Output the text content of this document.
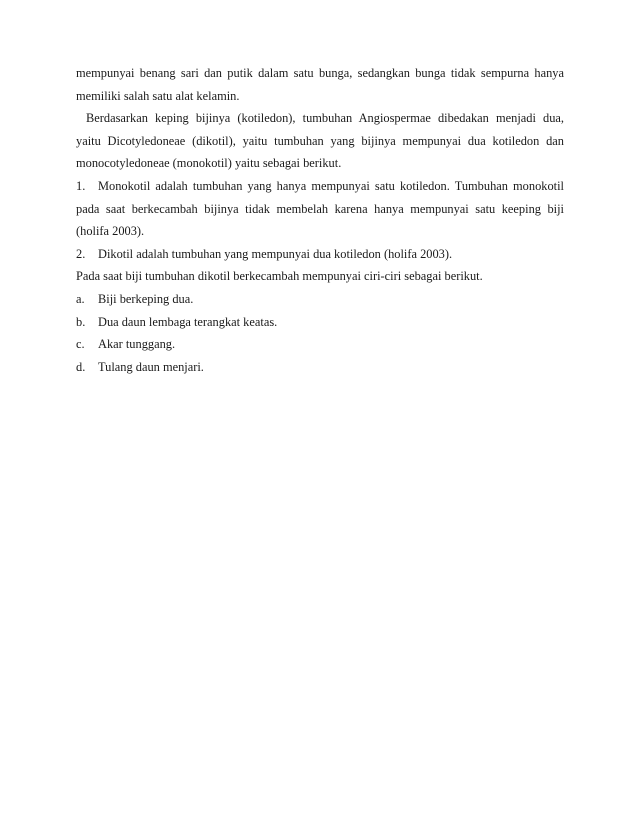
mempunyai benang sari dan putik dalam satu bunga, sedangkan bunga tidak sempurna hanya
memiliki salah satu alat kelamin.
Berdasarkan keping bijinya (kotiledon), tumbuhan Angiospermae dibedakan menjadi dua,
yaitu Dicotyledoneae (dikotil), yaitu tumbuhan yang bijinya mempunyai dua kotiledon dan
monocotyledoneae (monokotil) yaitu sebagai berikut.
1. Monokotil adalah tumbuhan yang hanya mempunyai satu kotiledon. Tumbuhan monokotil
pada saat berkecambah bijinya tidak membelah karena hanya mempunyai satu keeping biji
(holifa 2003).
2. Dikotil adalah tumbuhan yang mempunyai dua kotiledon (holifa 2003).
Pada saat biji tumbuhan dikotil berkecambah mempunyai ciri-ciri sebagai berikut.
a. Biji berkeping dua.
b. Dua daun lembaga terangkat keatas.
c. Akar tunggang.
d. Tulang daun menjari.
